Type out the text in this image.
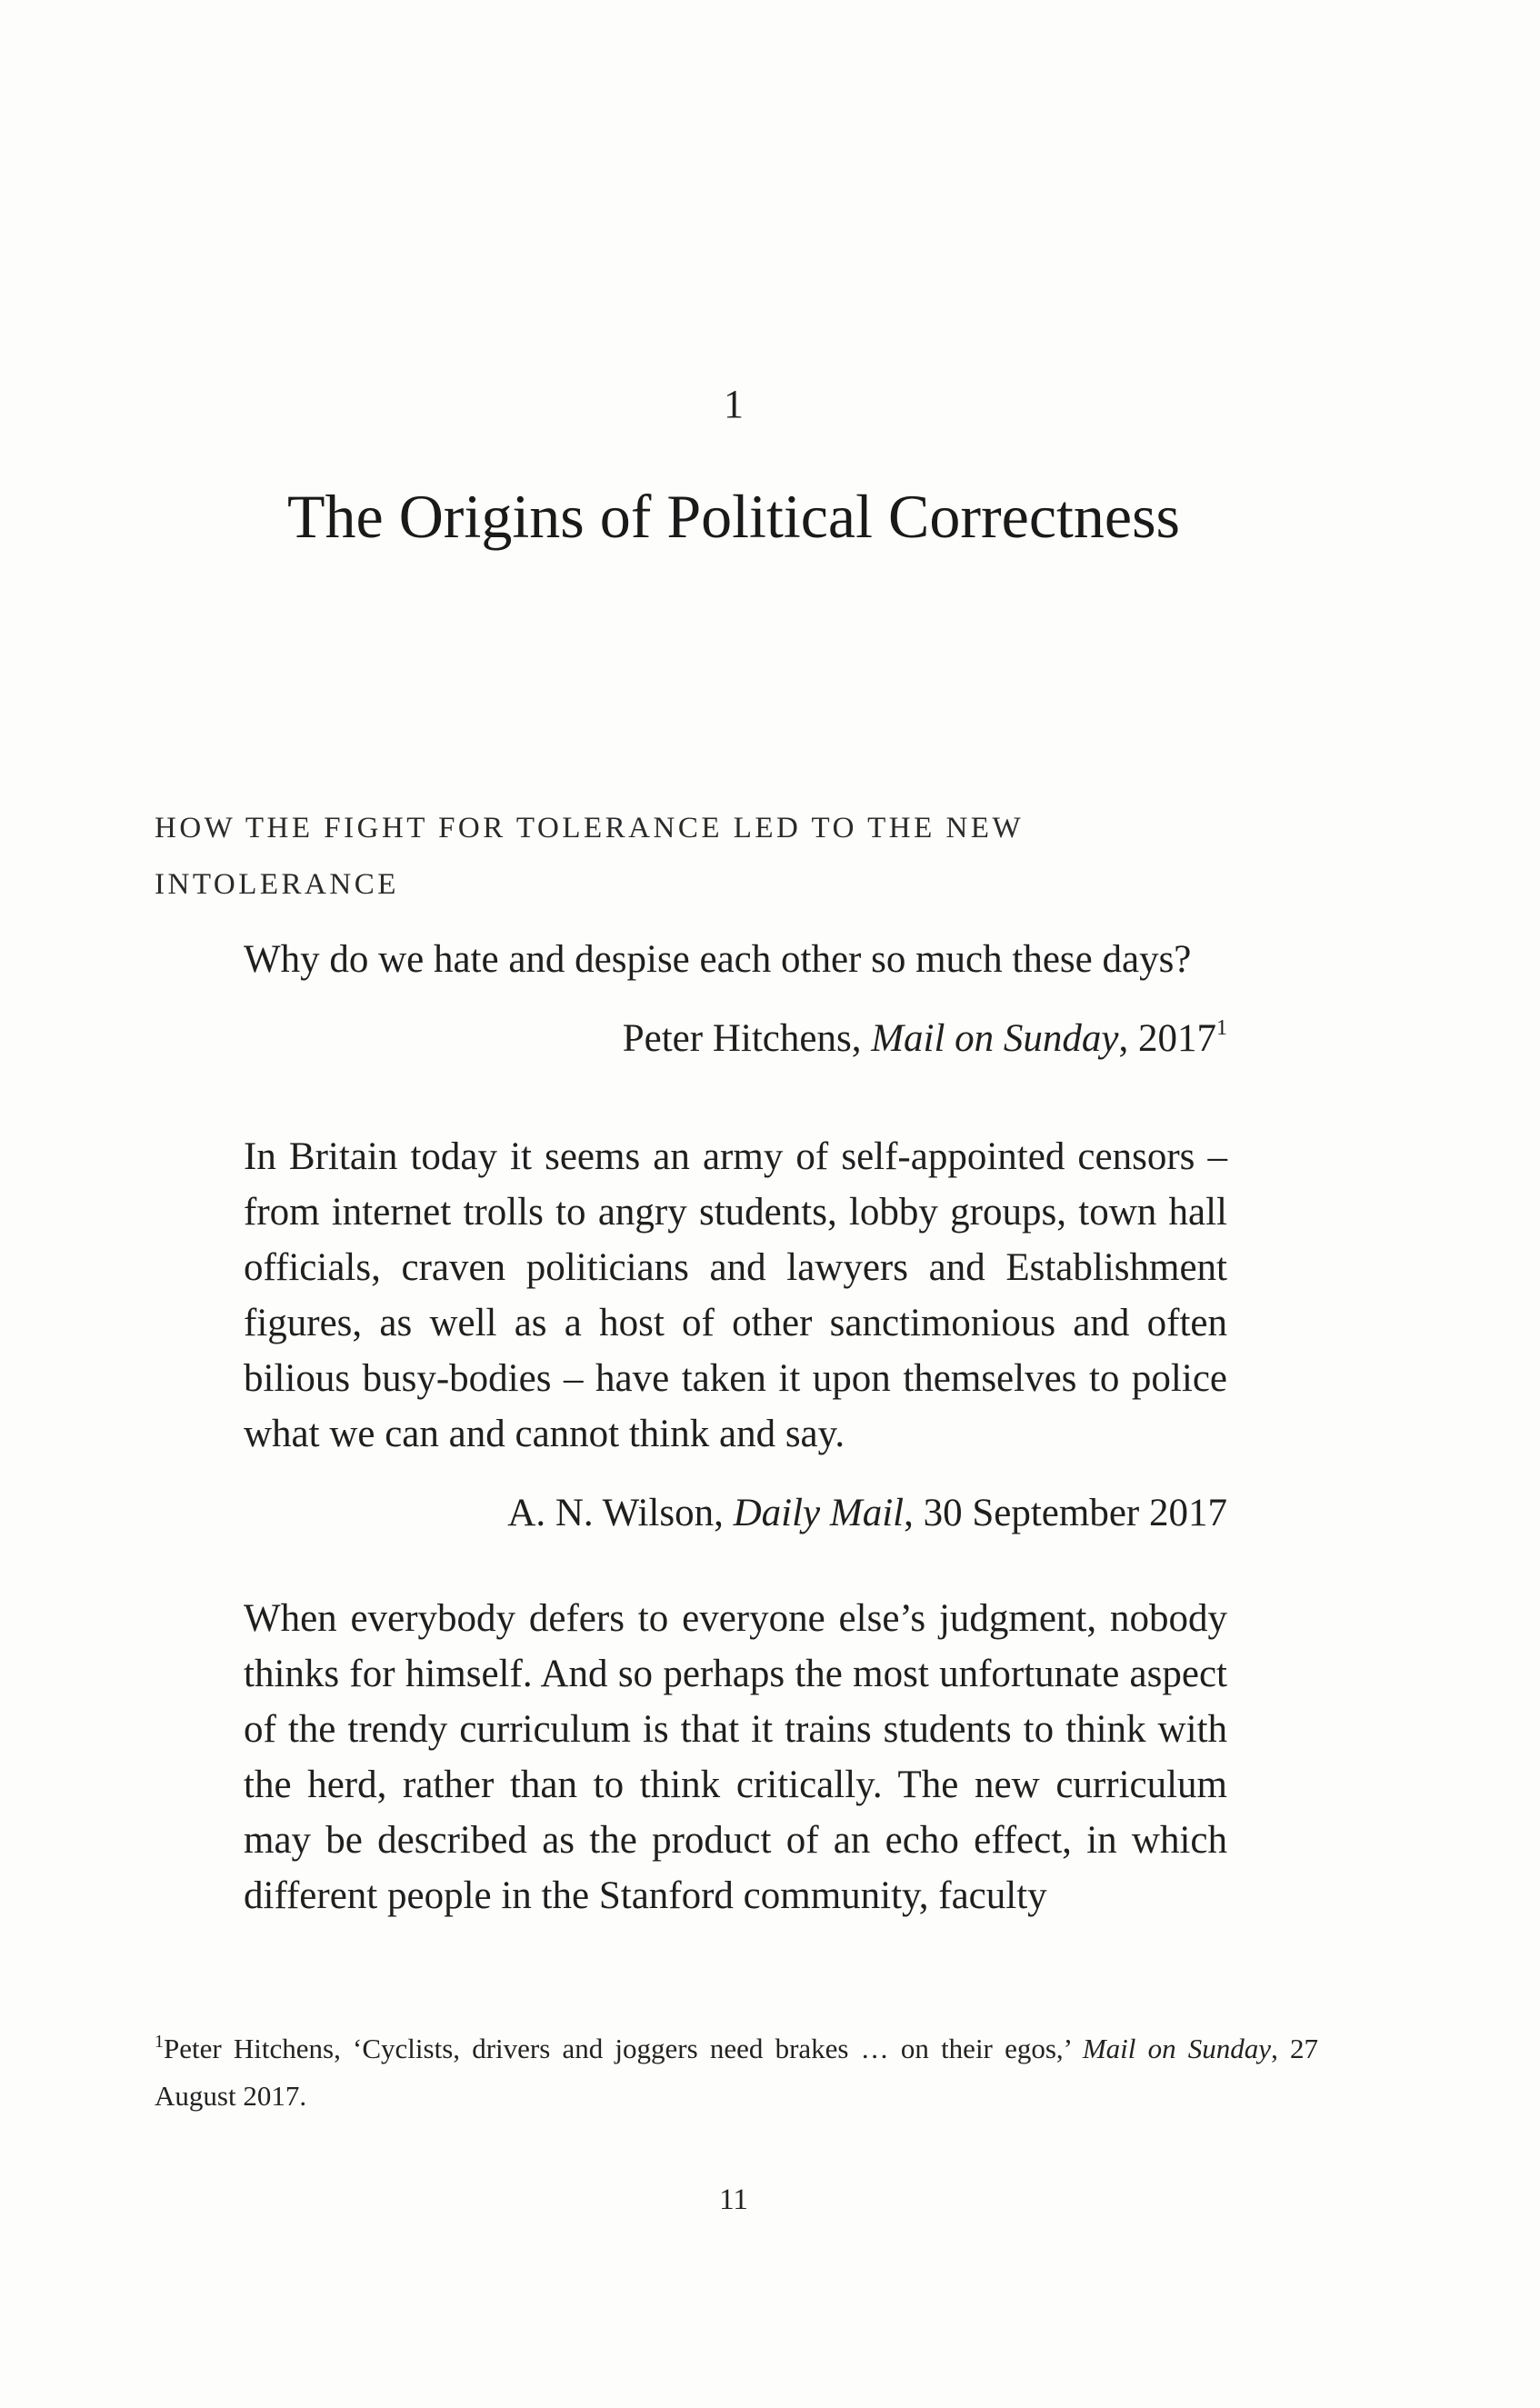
1
The Origins of Political Correctness
HOW THE FIGHT FOR TOLERANCE LED TO THE NEW
INTOLERANCE

Why do we hate and despise each other so much these days?

Peter Hitchens, Mail on Sunday, 2017$^1$

In Britain today it seems an army of self-appointed censors – from internet trolls to angry students, lobby groups, town hall officials, craven politicians and lawyers and Establishment figures, as well as a host of other sanctimonious and often bilious busy-bodies – have taken it upon themselves to police what we can and cannot think and say.

A. N. Wilson, Daily Mail, 30 September 2017

When everybody defers to everyone else’s judgment, nobody thinks for himself. And so perhaps the most unfortunate aspect of the trendy curriculum is that it trains students to think with the herd, rather than to think critically. The new curriculum may be described as the product of an echo effect, in which different people in the Stanford community, faculty

$^1$Peter Hitchens, ‘Cyclists, drivers and joggers need brakes … on their egos,’ Mail on Sunday, 27 August 2017.
11
